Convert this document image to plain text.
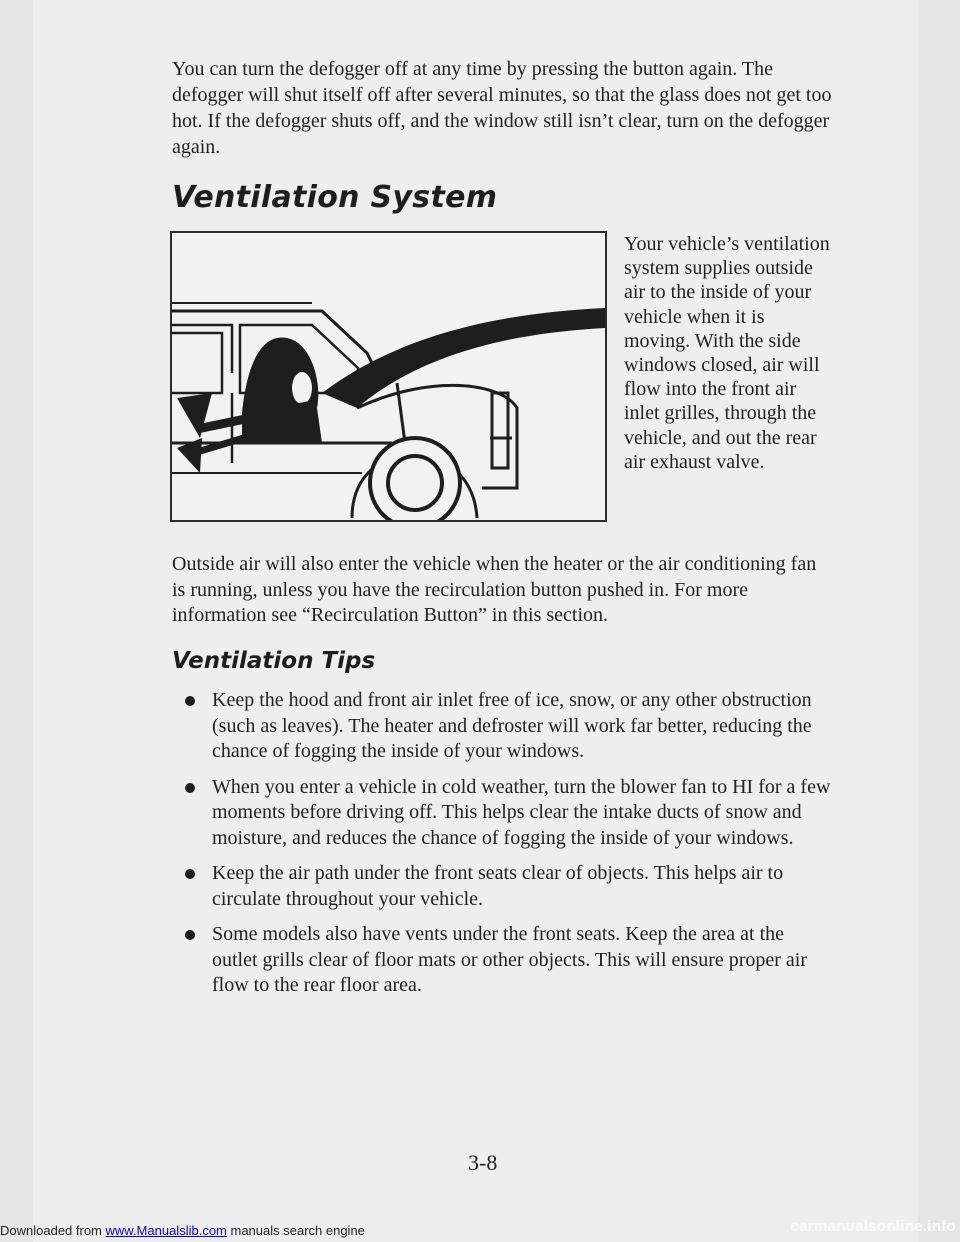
You can turn the defogger off at any time by pressing the button again. The defogger will shut itself off after several minutes, so that the glass does not get too hot. If the defogger shuts off, and the window still isn’t clear, turn on the defogger again.

Ventilation System

Your vehicle’s ventilation system supplies outside air to the inside of your vehicle when it is moving. With the side windows closed, air will flow into the front air inlet grilles, through the vehicle, and out the rear air exhaust valve.

Outside air will also enter the vehicle when the heater or the air conditioning fan is running, unless you have the recirculation button pushed in. For more information see “Recirculation Button” in this section.

Ventilation Tips
Keep the hood and front air inlet free of ice, snow, or any other obstruction (such as leaves). The heater and defroster will work far better, reducing the chance of fogging the inside of your windows.
When you enter a vehicle in cold weather, turn the blower fan to HI for a few moments before driving off. This helps clear the intake ducts of snow and moisture, and reduces the chance of fogging the inside of your windows.
Keep the air path under the front seats clear of objects. This helps air to circulate throughout your vehicle.
Some models also have vents under the front seats. Keep the area at the outlet grills clear of floor mats or other objects. This will ensure proper air flow to the rear floor area.
3-8
Downloaded from www.Manualslib.com manuals search engine	carmanualsonline.info
